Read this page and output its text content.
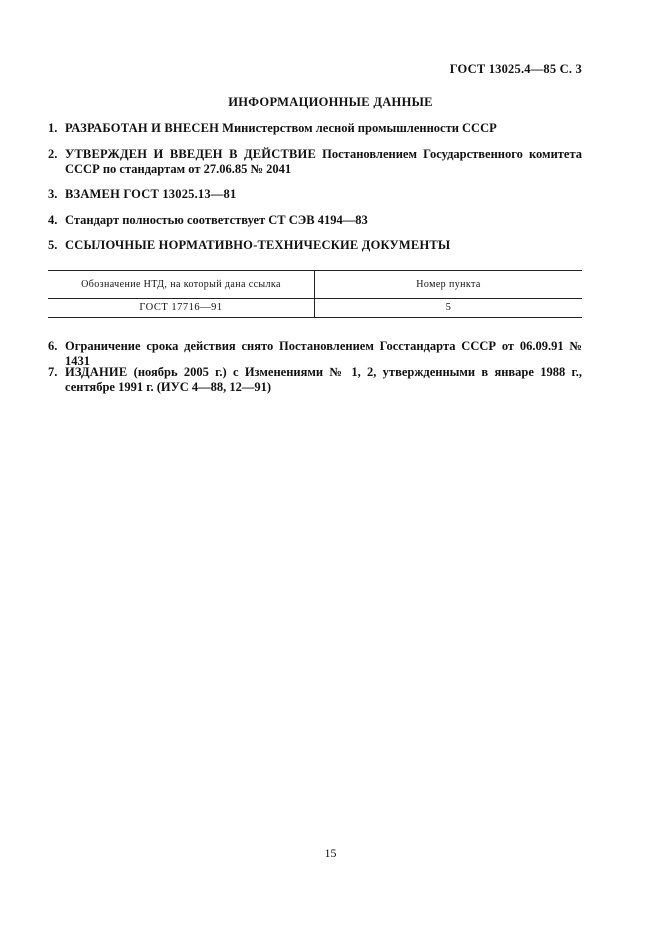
ГОСТ 13025.4—85 С. 3
ИНФОРМАЦИОННЫЕ ДАННЫЕ
1. РАЗРАБОТАН И ВНЕСЕН Министерством лесной промышленности СССР
2. УТВЕРЖДЕН И ВВЕДЕН В ДЕЙСТВИЕ Постановлением Государственного комитета СССР по стандартам от 27.06.85 № 2041
3. ВЗАМЕН ГОСТ 13025.13—81
4. Стандарт полностью соответствует СТ СЭВ 4194—83
5. ССЫЛОЧНЫЕ НОРМАТИВНО-ТЕХНИЧЕСКИЕ ДОКУМЕНТЫ
Обозначение НТД, на который дана ссылка	Номер пункта
ГОСТ 17716—91	5
6. Ограничение срока действия снято Постановлением Госстандарта СССР от 06.09.91 № 1431
7. ИЗДАНИЕ (ноябрь 2005 г.) с Изменениями № 1, 2, утвержденными в январе 1988 г., сентябре 1991 г. (ИУС 4—88, 12—91)
15
